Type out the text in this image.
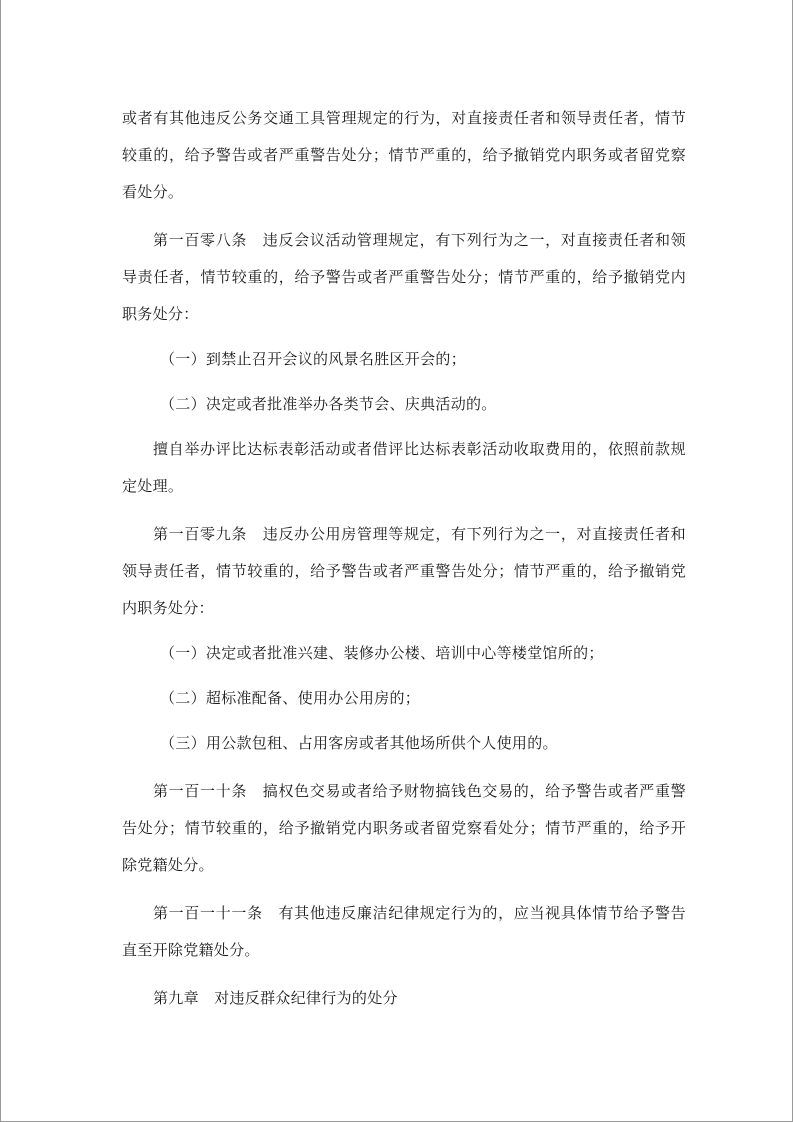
或者有其他违反公务交通工具管理规定的行为，对直接责任者和领导责任者，情节较重的，给予警告或者严重警告处分；情节严重的，给予撤销党内职务或者留党察看处分。

第一百零八条　违反会议活动管理规定，有下列行为之一，对直接责任者和领导责任者，情节较重的，给予警告或者严重警告处分；情节严重的，给予撤销党内职务处分：

（一）到禁止召开会议的风景名胜区开会的；

（二）决定或者批准举办各类节会、庆典活动的。

擅自举办评比达标表彰活动或者借评比达标表彰活动收取费用的，依照前款规定处理。

第一百零九条　违反办公用房管理等规定，有下列行为之一，对直接责任者和领导责任者，情节较重的，给予警告或者严重警告处分；情节严重的，给予撤销党内职务处分：

（一）决定或者批准兴建、装修办公楼、培训中心等楼堂馆所的；

（二）超标准配备、使用办公用房的；

（三）用公款包租、占用客房或者其他场所供个人使用的。

第一百一十条　搞权色交易或者给予财物搞钱色交易的，给予警告或者严重警告处分；情节较重的，给予撤销党内职务或者留党察看处分；情节严重的，给予开除党籍处分。

第一百一十一条　有其他违反廉洁纪律规定行为的，应当视具体情节给予警告直至开除党籍处分。

第九章　对违反群众纪律行为的处分
